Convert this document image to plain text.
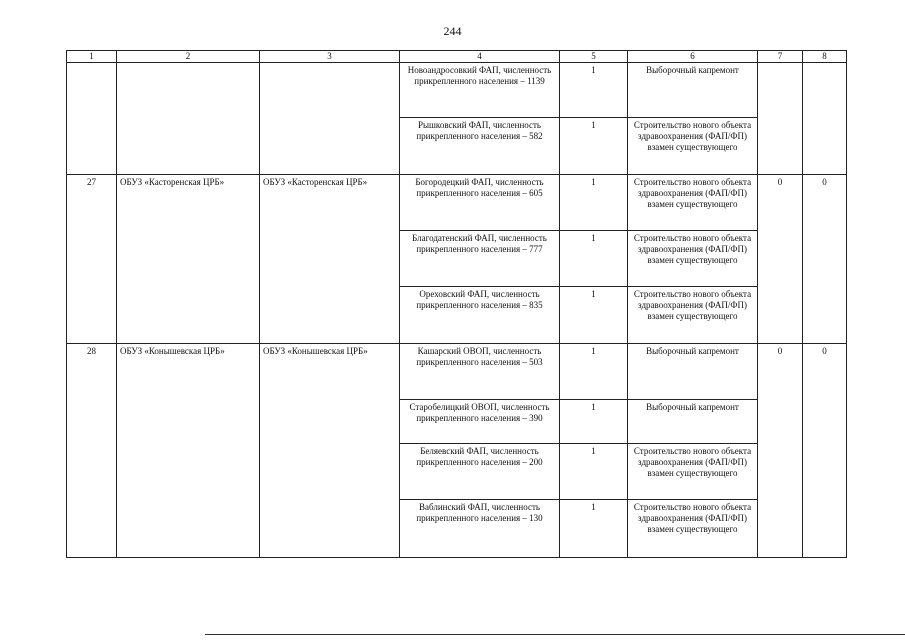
244
1	2	3	4	5	6	7	8
			Новоандросовкий ФАП, численность прикрепленного населения – 1139	1	Выборочный капремонт		
			Рышковский ФАП, численность прикрепленного населения – 582	1	Строительство нового объекта здравоохранения (ФАП/ФП) взамен существующего		
27	ОБУЗ «Касторенская ЦРБ»	ОБУЗ «Касторенская ЦРБ»	Богородецкий ФАП, численность прикрепленного населения – 605	1	Строительство нового объекта здравоохранения (ФАП/ФП) взамен существующего	0	0
			Благодатенский ФАП, численность прикрепленного населения – 777	1	Строительство нового объекта здравоохранения (ФАП/ФП) взамен существующего		
			Ореховский ФАП, численность прикрепленного населения – 835	1	Строительство нового объекта здравоохранения (ФАП/ФП) взамен существующего		
28	ОБУЗ «Конышевская ЦРБ»	ОБУЗ «Конышевская ЦРБ»	Кашарский ОВОП, численность прикрепленного населения – 503	1	Выборочный капремонт	0	0
			Старобелицкий ОВОП, численность прикрепленного населения – 390	1	Выборочный капремонт		
			Беляевский ФАП, численность прикрепленного населения – 200	1	Строительство нового объекта здравоохранения (ФАП/ФП) взамен существующего		
			Ваблинский ФАП, численность прикрепленного населения – 130	1	Строительство нового объекта здравоохранения (ФАП/ФП) взамен существующего		
